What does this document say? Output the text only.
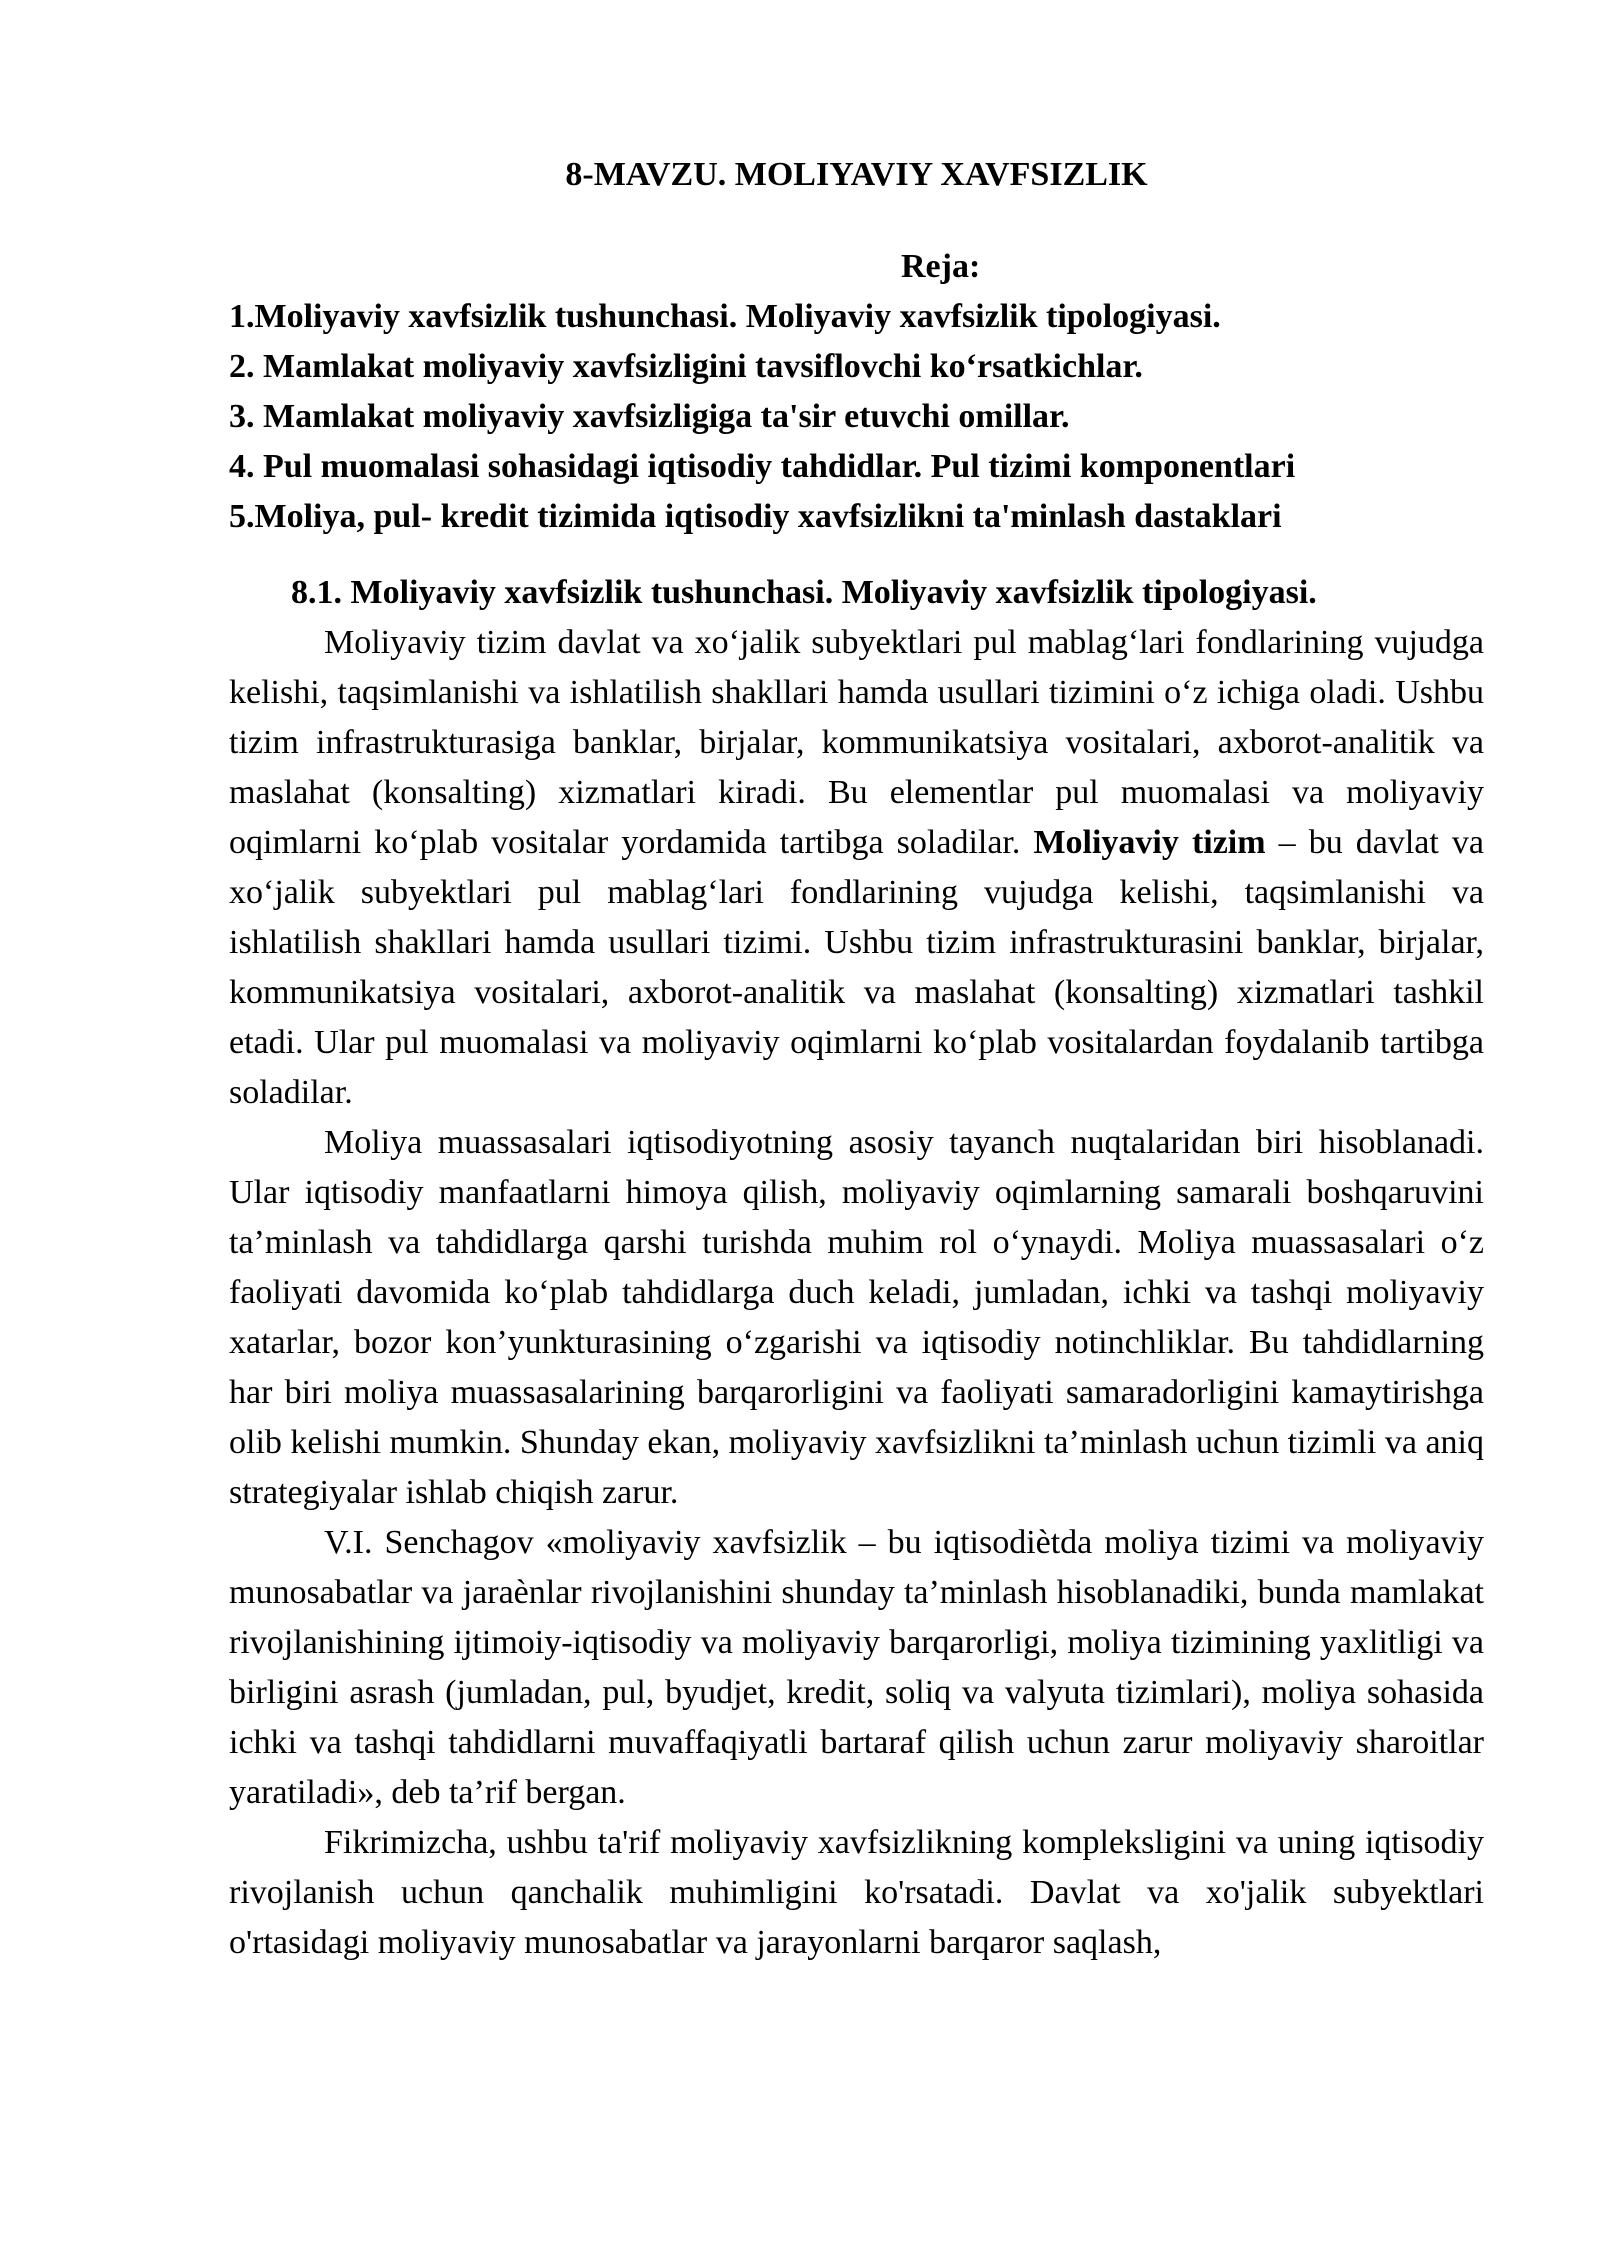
8-MAVZU. MOLIYAVIY XAVFSIZLIK

Reja:

1.Moliyaviy xavfsizlik tushunchasi. Moliyaviy xavfsizlik tipologiyasi.
2. Mamlakat moliyaviy xavfsizligini tavsiflovchi ko‘rsatkichlar.
3. Mamlakat moliyaviy xavfsizligiga ta'sir etuvchi omillar.
4. Pul muomalasi sohasidagi iqtisodiy tahdidlar. Pul tizimi komponentlari
5.Moliya, pul- kredit tizimida iqtisodiy xavfsizlikni ta'minlash dastaklari
8.1. Moliyaviy xavfsizlik tushunchasi. Moliyaviy xavfsizlik tipologiyasi.

Moliyaviy tizim davlat va xo‘jalik subyektlari pul mablag‘lari fondlarining vujudga kelishi, taqsimlanishi va ishlatilish shakllari hamda usullari tizimini o‘z ichiga oladi. Ushbu tizim infrastrukturasiga banklar, birjalar, kommunikatsiya vositalari, axborot-analitik va maslahat (konsalting) xizmatlari kiradi. Bu elementlar pul muomalasi va moliyaviy oqimlarni ko‘plab vositalar yordamida tartibga soladilar. Moliyaviy tizim – bu davlat va xo‘jalik subyektlari pul mablag‘lari fondlarining vujudga kelishi, taqsimlanishi va ishlatilish shakllari hamda usullari tizimi. Ushbu tizim infrastrukturasini banklar, birjalar, kommunikatsiya vositalari, axborot-analitik va maslahat (konsalting) xizmatlari tashkil etadi. Ular pul muomalasi va moliyaviy oqimlarni ko‘plab vositalardan foydalanib tartibga soladilar.

Moliya muassasalari iqtisodiyotning asosiy tayanch nuqtalaridan biri hisoblanadi. Ular iqtisodiy manfaatlarni himoya qilish, moliyaviy oqimlarning samarali boshqaruvini ta’minlash va tahdidlarga qarshi turishda muhim rol o‘ynaydi. Moliya muassasalari o‘z faoliyati davomida ko‘plab tahdidlarga duch keladi, jumladan, ichki va tashqi moliyaviy xatarlar, bozor kon’yunkturasining o‘zgarishi va iqtisodiy notinchliklar. Bu tahdidlarning har biri moliya muassasalarining barqarorligini va faoliyati samaradorligini kamaytirishga olib kelishi mumkin. Shunday ekan, moliyaviy xavfsizlikni ta’minlash uchun tizimli va aniq strategiyalar ishlab chiqish zarur.

V.I. Senchagov «moliyaviy xavfsizlik – bu iqtisodiètda moliya tizimi va moliyaviy munosabatlar va jaraènlar rivojlanishini shunday ta’minlash hisoblanadiki, bunda mamlakat rivojlanishining ijtimoiy-iqtisodiy va moliyaviy barqarorligi, moliya tizimining yaxlitligi va birligini asrash (jumladan, pul, byudjet, kredit, soliq va valyuta tizimlari), moliya sohasida ichki va tashqi tahdidlarni muvaffaqiyatli bartaraf qilish uchun zarur moliyaviy sharoitlar yaratiladi», deb ta’rif bergan.

Fikrimizcha, ushbu ta'rif moliyaviy xavfsizlikning kompleksligini va uning iqtisodiy rivojlanish uchun qanchalik muhimligini ko'rsatadi. Davlat va xo'jalik subyektlari o'rtasidagi moliyaviy munosabatlar va jarayonlarni barqaror saqlash,
